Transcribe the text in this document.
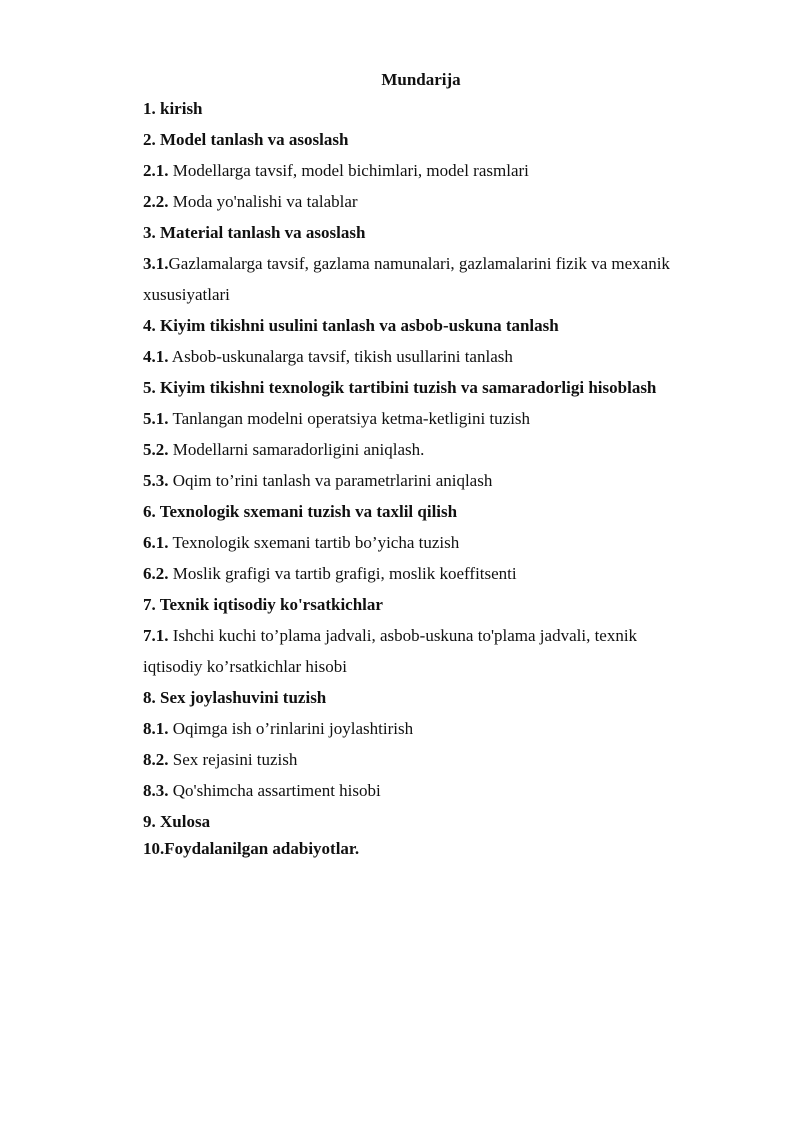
Mundarija
1. kirish
2. Model tanlash va asoslash
2.1. Modellarga tavsif, model bichimlari, model rasmlari
2.2. Moda yo'nalishi va talablar
3. Material tanlash va asoslash
3.1.Gazlamalarga tavsif, gazlama namunalari, gazlamalarini fizik va mexanik
xususiyatlari
4. Kiyim tikishni usulini tanlash va asbob-uskuna tanlash
4.1. Asbob-uskunalarga tavsif, tikish usullarini tanlash
5. Kiyim tikishni texnologik tartibini tuzish va samaradorligi hisoblash
5.1. Tanlangan modelni operatsiya ketma-ketligini tuzish
5.2. Modellarni samaradorligini aniqlash.
5.3. Oqim to’rini tanlash va parametrlarini aniqlash
6. Texnologik sxemani tuzish va taxlil qilish
6.1. Texnologik sxemani tartib bo’yicha tuzish
6.2. Moslik grafigi va tartib grafigi, moslik koeffitsenti
7. Texnik iqtisodiy ko'rsatkichlar
7.1. Ishchi kuchi to’plama jadvali, asbob-uskuna to'plama jadvali, texnik
iqtisodiy ko’rsatkichlar hisobi
8. Sex joylashuvini tuzish
8.1. Oqimga ish o’rinlarini joylashtirish
8.2. Sex rejasini tuzish
8.3. Qo'shimcha assartiment hisobi
9. Xulosa
10.Foydalanilgan adabiyotlar.
